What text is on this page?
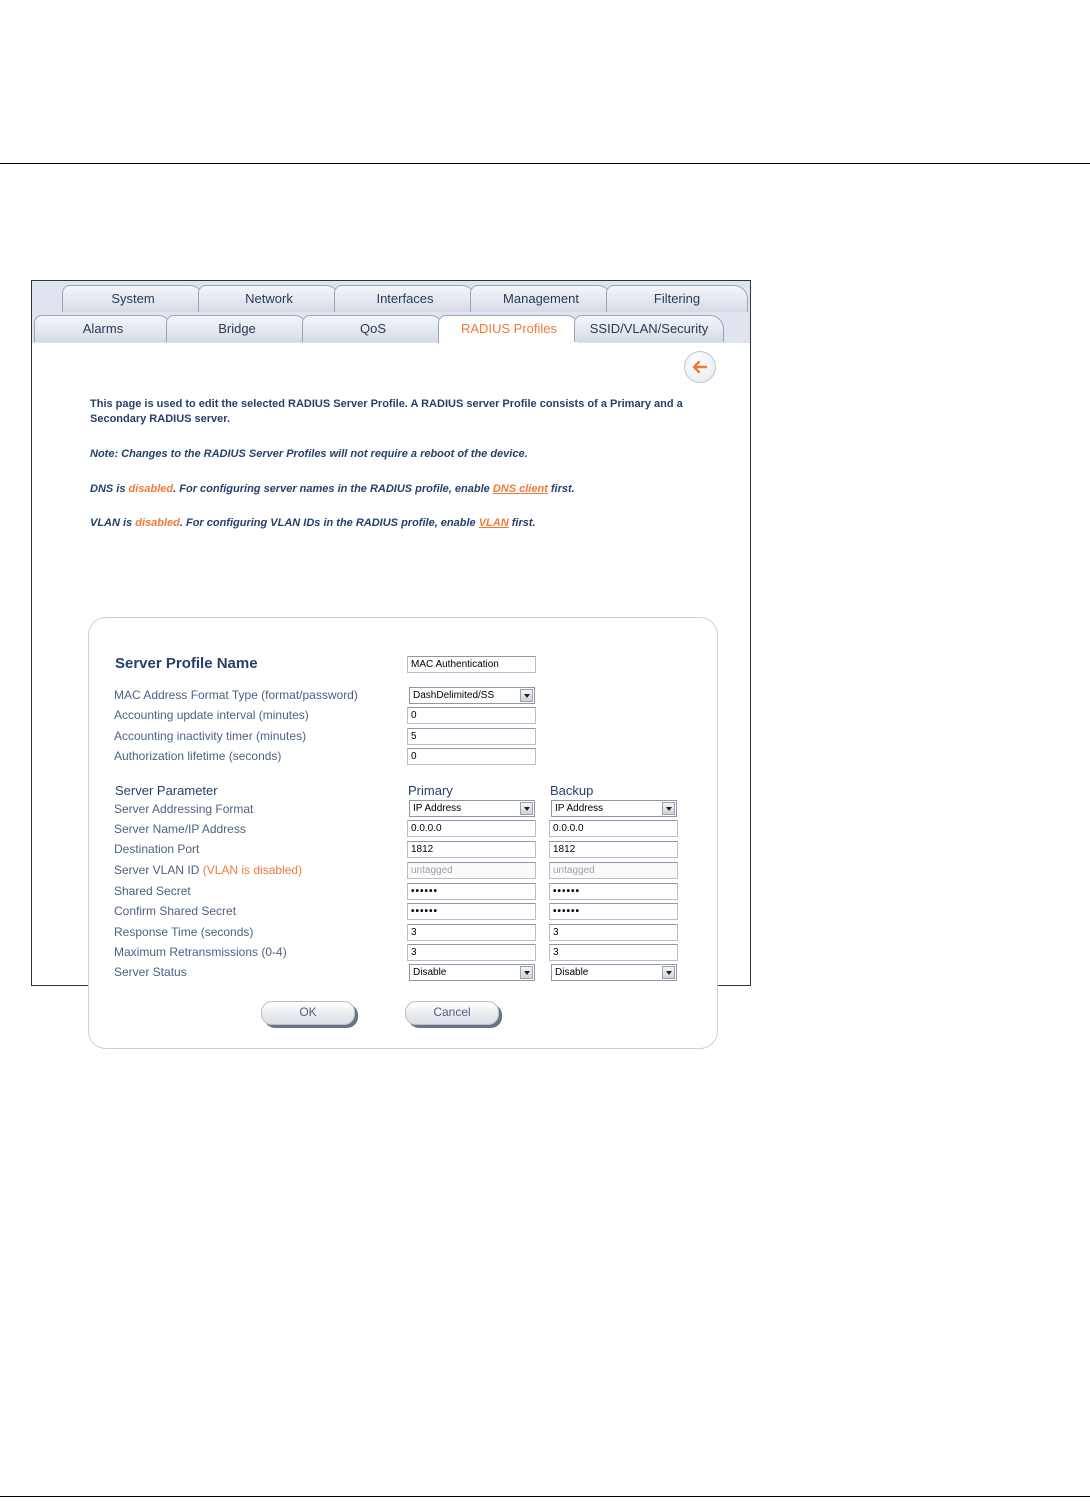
System	Network	Interfaces	Management	Filtering
Alarms	Bridge	QoS	RADIUS Profiles	SSID/VLAN/Security
This page is used to edit the selected RADIUS Server Profile. A RADIUS server Profile consists of a Primary and a Secondary RADIUS server.
Note: Changes to the RADIUS Server Profiles will not require a reboot of the device.
DNS is disabled. For configuring server names in the RADIUS profile, enable DNS client first.
VLAN is disabled. For configuring VLAN IDs in the RADIUS profile, enable VLAN first.
Server Profile Name	MAC Authentication
MAC Address Format Type (format/password)	DashDelimited/SS
Accounting update interval (minutes)	0
Accounting inactivity timer (minutes)	5
Authorization lifetime (seconds)	0
Server Parameter	Primary	Backup
Server Addressing Format	IP Address	IP Address
Server Name/IP Address	0.0.0.0	0.0.0.0
Destination Port	1812	1812
Server VLAN ID (VLAN is disabled)	untagged	untagged
Shared Secret	••••••	••••••
Confirm Shared Secret	••••••	••••••
Response Time (seconds)	3	3
Maximum Retransmissions (0-4)	3	3
Server Status	Disable	Disable
OK	Cancel
